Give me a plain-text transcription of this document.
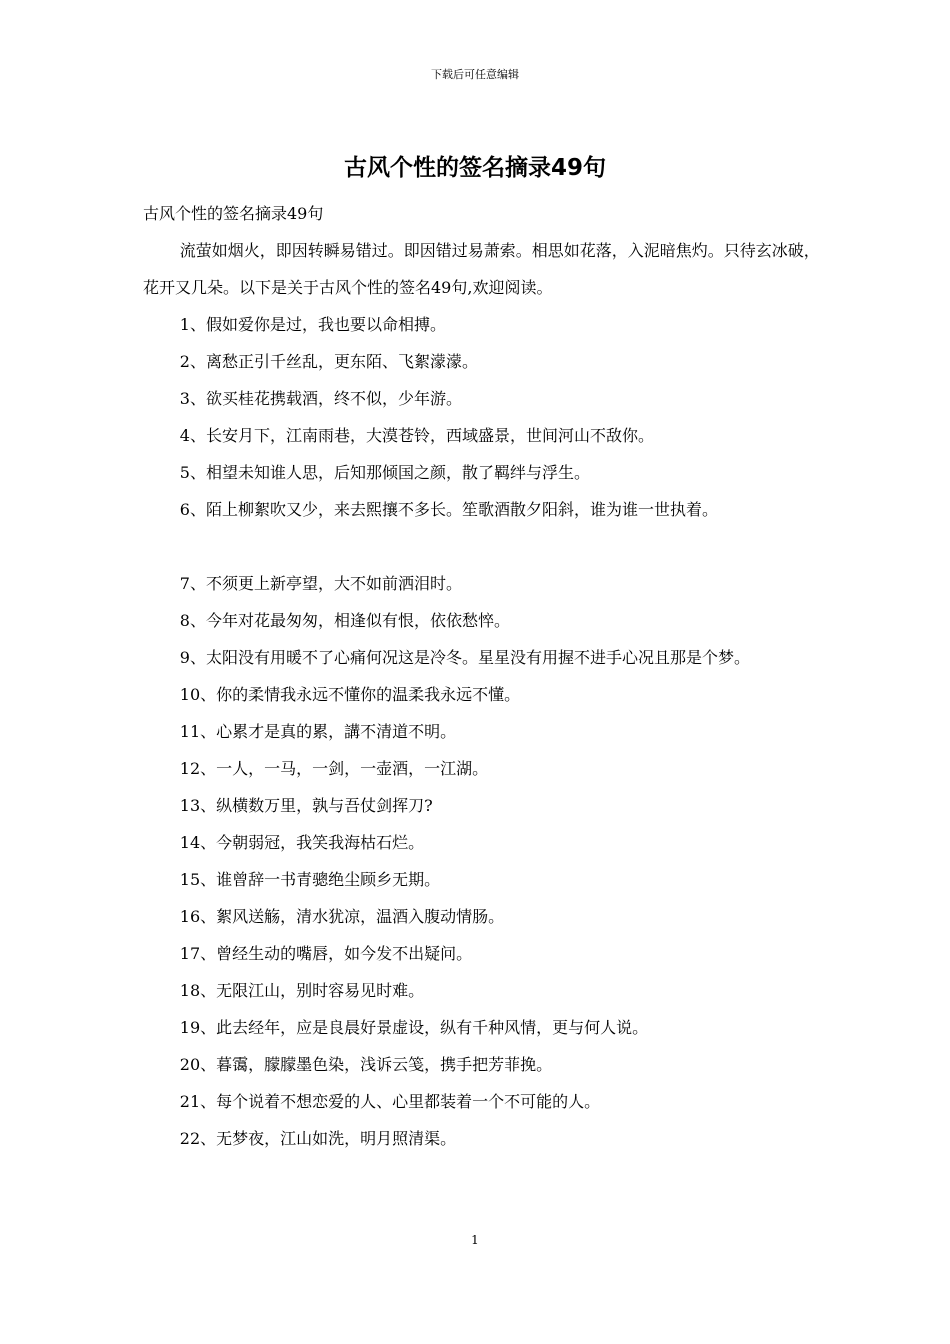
下载后可任意编辑
古风个性的签名摘录49句

古风个性的签名摘录49句

流萤如烟火，即因转瞬易错过。即因错过易萧索。相思如花落，入泥暗焦灼。只待玄冰破，花开又几朵。以下是关于古风个性的签名49句,欢迎阅读。

1、假如爱你是过，我也要以命相搏。

2、离愁正引千丝乱，更东陌、飞絮濛濛。

3、欲买桂花携载酒，终不似，少年游。

4、长安月下，江南雨巷，大漠苍铃，西域盛景，世间河山不敌你。

5、相望未知谁人思，后知那倾国之颜，散了羁绊与浮生。

6、陌上柳絮吹又少，来去熙攘不多长。笙歌酒散夕阳斜，谁为谁一世执着。

7、不须更上新亭望，大不如前洒泪时。

8、今年对花最匆匆，相逢似有恨，依依愁悴。

9、太阳没有用暖不了心痛何况这是冷冬。星星没有用握不进手心况且那是个梦。

10、你的柔情我永远不懂你的温柔我永远不懂。

11、心累才是真的累，講不清道不明。

12、一人，一马，一剑，一壶酒，一江湖。

13、纵横数万里，孰与吾仗剑挥刀?

14、今朝弱冠，我笑我海枯石烂。

15、谁曾辞一书青骢绝尘顾乡无期。

16、絮风送觞，清水犹凉，温酒入腹动情肠。

17、曾经生动的嘴唇，如今发不出疑问。

18、无限江山，别时容易见时难。

19、此去经年，应是良晨好景虚设，纵有千种风情，更与何人说。

20、暮霭，朦朦墨色染，浅诉云笺，携手把芳菲挽。

21、每个说着不想恋爱的人、心里都装着一个不可能的人。

22、无梦夜，江山如洗，明月照清渠。

1
